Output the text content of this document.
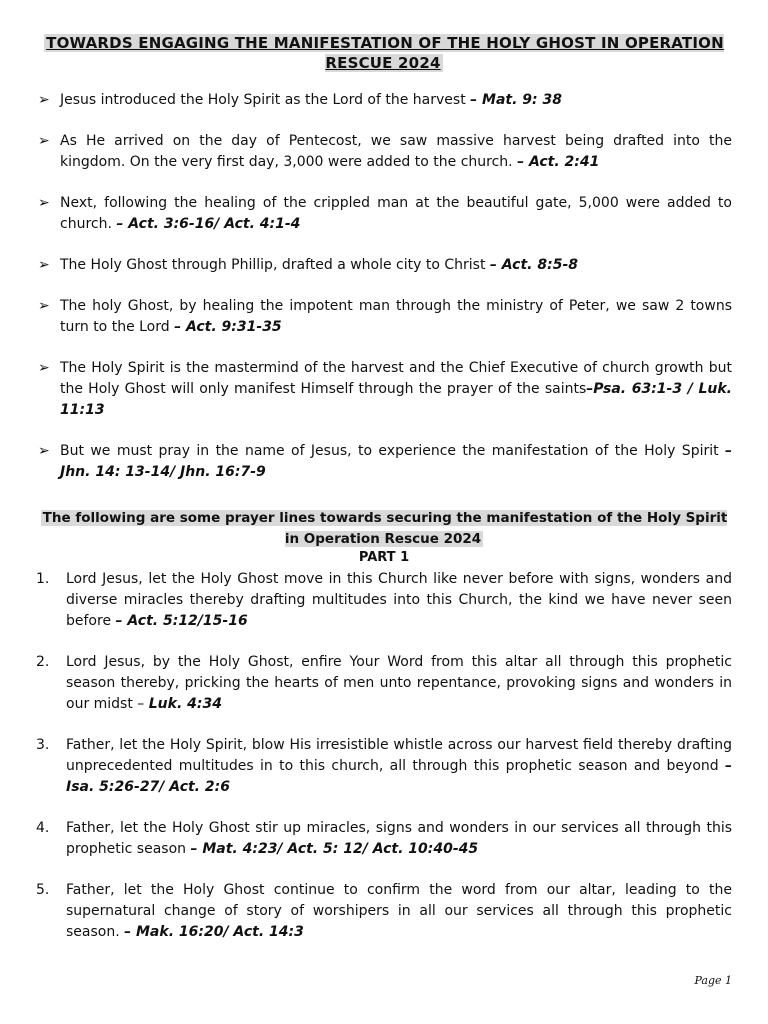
TOWARDS ENGAGING THE MANIFESTATION OF THE HOLY GHOST IN OPERATION RESCUE 2024
➢ Jesus introduced the Holy Spirit as the Lord of the harvest – Mat. 9: 38
➢ As He arrived on the day of Pentecost, we saw massive harvest being drafted into the kingdom. On the very first day, 3,000 were added to the church. – Act. 2:41
➢ Next, following the healing of the crippled man at the beautiful gate, 5,000 were added to church. – Act. 3:6-16/ Act. 4:1-4
➢ The Holy Ghost through Phillip, drafted a whole city to Christ – Act. 8:5-8
➢ The holy Ghost, by healing the impotent man through the ministry of Peter, we saw 2 towns turn to the Lord – Act. 9:31-35
➢ The Holy Spirit is the mastermind of the harvest and the Chief Executive of church growth but the Holy Ghost will only manifest Himself through the prayer of the saints–Psa. 63:1-3 / Luk. 11:13
➢ But we must pray in the name of Jesus, to experience the manifestation of the Holy Spirit – Jhn. 14: 13-14/ Jhn. 16:7-9
The following are some prayer lines towards securing the manifestation of the Holy Spirit in Operation Rescue 2024
PART 1
1. Lord Jesus, let the Holy Ghost move in this Church like never before with signs, wonders and diverse miracles thereby drafting multitudes into this Church, the kind we have never seen before – Act. 5:12/15-16
2. Lord Jesus, by the Holy Ghost, enfire Your Word from this altar all through this prophetic season thereby, pricking the hearts of men unto repentance, provoking signs and wonders in our midst – Luk. 4:34
3. Father, let the Holy Spirit, blow His irresistible whistle across our harvest field thereby drafting unprecedented multitudes in to this church, all through this prophetic season and beyond – Isa. 5:26-27/ Act. 2:6
4. Father, let the Holy Ghost stir up miracles, signs and wonders in our services all through this prophetic season – Mat. 4:23/ Act. 5: 12/ Act. 10:40-45
5. Father, let the Holy Ghost continue to confirm the word from our altar, leading to the supernatural change of story of worshipers in all our services all through this prophetic season. – Mak. 16:20/ Act. 14:3
Page 1
